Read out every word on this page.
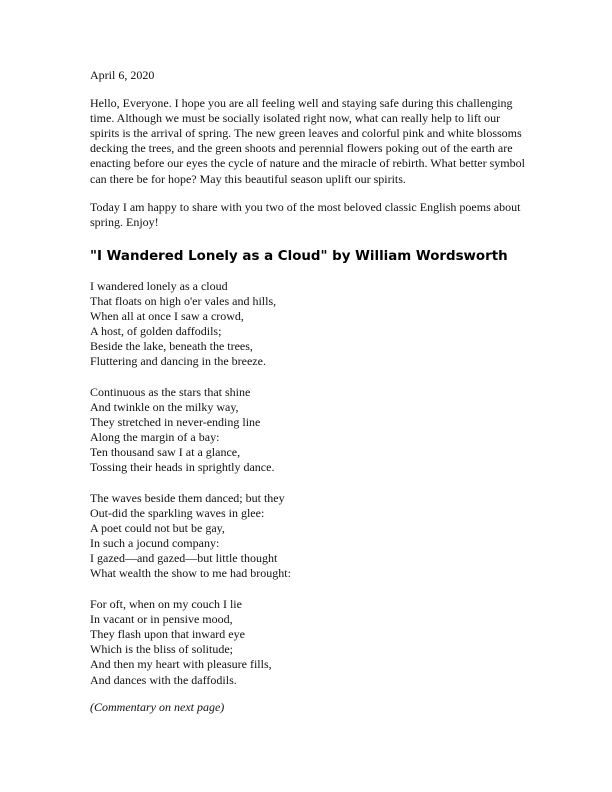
April 6, 2020

Hello, Everyone. I hope you are all feeling well and staying safe during this challenging time. Although we must be socially isolated right now, what can really help to lift our spirits is the arrival of spring. The new green leaves and colorful pink and white blossoms decking the trees, and the green shoots and perennial flowers poking out of the earth are enacting before our eyes the cycle of nature and the miracle of rebirth. What better symbol can there be for hope? May this beautiful season uplift our spirits.

Today I am happy to share with you two of the most beloved classic English poems about spring. Enjoy!

"I Wandered Lonely as a Cloud" by William Wordsworth
I wandered lonely as a cloud
That floats on high o'er vales and hills,
When all at once I saw a crowd,
A host, of golden daffodils;
Beside the lake, beneath the trees,
Fluttering and dancing in the breeze.
Continuous as the stars that shine
And twinkle on the milky way,
They stretched in never-ending line
Along the margin of a bay:
Ten thousand saw I at a glance,
Tossing their heads in sprightly dance.
The waves beside them danced; but they
Out-did the sparkling waves in glee:
A poet could not but be gay,
In such a jocund company:
I gazed—and gazed—but little thought
What wealth the show to me had brought:
For oft, when on my couch I lie
In vacant or in pensive mood,
They flash upon that inward eye
Which is the bliss of solitude;
And then my heart with pleasure fills,
And dances with the daffodils.
(Commentary on next page)
